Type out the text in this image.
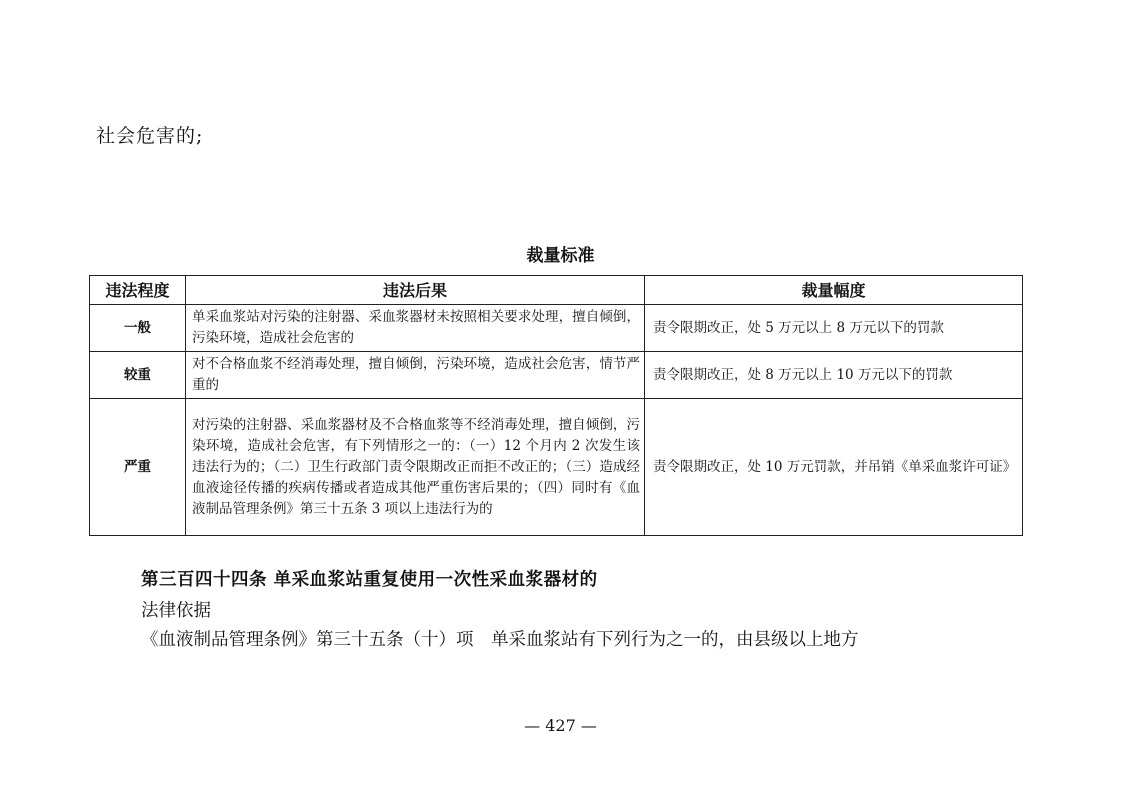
社会危害的;

裁量标准

违法程度	违法后果	裁量幅度
一般	单采血浆站对污染的注射器、采血浆器材未按照相关要求处理，擅自倾倒，污染环境，造成社会危害的	责令限期改正，处 5 万元以上 8 万元以下的罚款
较重	对不合格血浆不经消毒处理，擅自倾倒，污染环境，造成社会危害，情节严重的	责令限期改正，处 8 万元以上 10 万元以下的罚款
严重	对污染的注射器、采血浆器材及不合格血浆等不经消毒处理，擅自倾倒，污染环境，造成社会危害，有下列情形之一的：（一）12 个月内 2 次发生该违法行为的；（二）卫生行政部门责令限期改正而拒不改正的；（三）造成经血液途径传播的疾病传播或者造成其他严重伤害后果的；（四）同时有《血液制品管理条例》第三十五条 3 项以上违法行为的	责令限期改正，处 10 万元罚款，并吊销《单采血浆许可证》

第三百四十四条 单采血浆站重复使用一次性采血浆器材的

法律依据

《血液制品管理条例》第三十五条（十）项　单采血浆站有下列行为之一的，由县级以上地方

— 427 —
